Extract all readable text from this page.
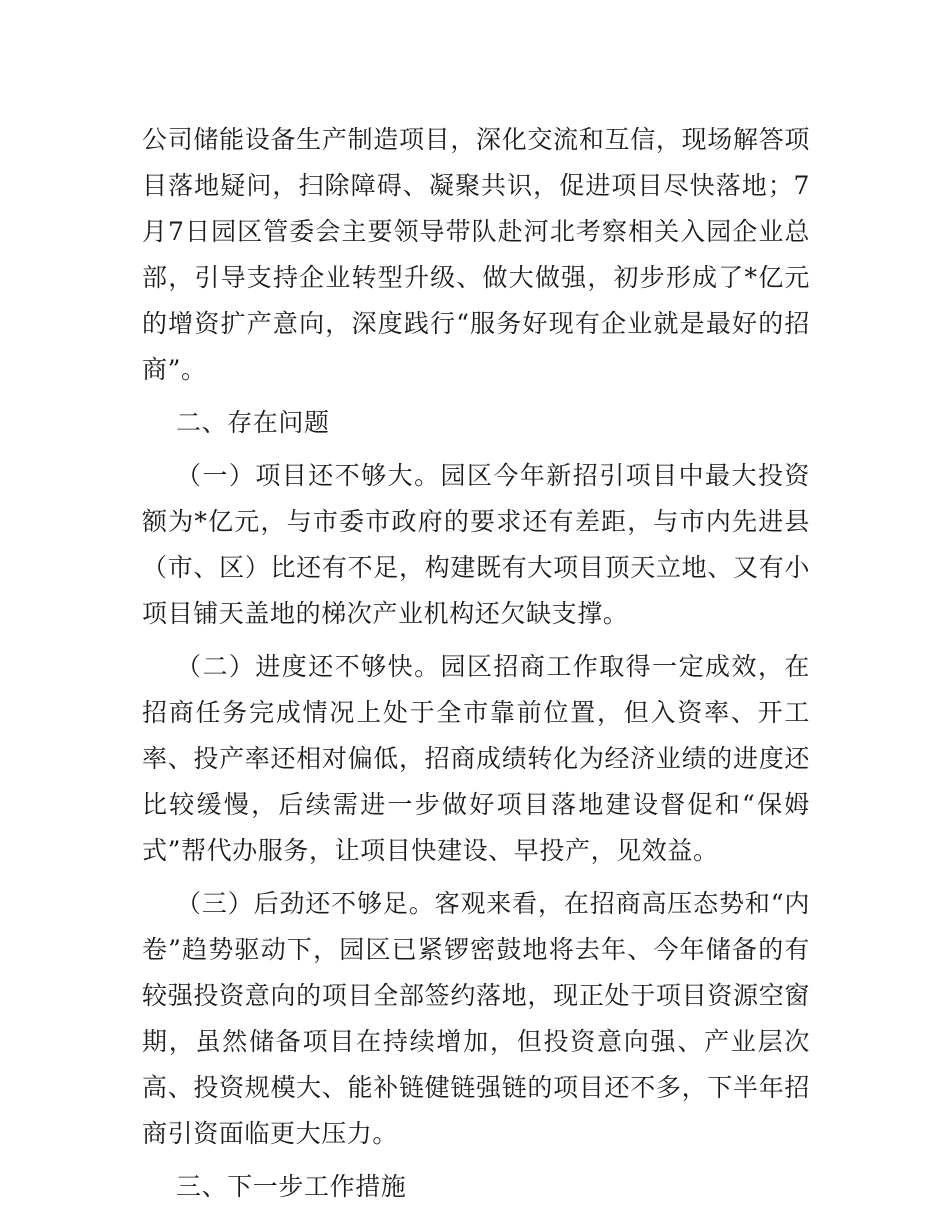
公司储能设备生产制造项目，深化交流和互信，现场解答项目落地疑问，扫除障碍、凝聚共识，促进项目尽快落地；7月7日园区管委会主要领导带队赴河北考察相关入园企业总部，引导支持企业转型升级、做大做强，初步形成了*亿元的增资扩产意向，深度践行“服务好现有企业就是最好的招商”。

二、存在问题

（一）项目还不够大。园区今年新招引项目中最大投资额为*亿元，与市委市政府的要求还有差距，与市内先进县（市、区）比还有不足，构建既有大项目顶天立地、又有小项目铺天盖地的梯次产业机构还欠缺支撑。

（二）进度还不够快。园区招商工作取得一定成效，在招商任务完成情况上处于全市靠前位置，但入资率、开工率、投产率还相对偏低，招商成绩转化为经济业绩的进度还比较缓慢，后续需进一步做好项目落地建设督促和“保姆式”帮代办服务，让项目快建设、早投产，见效益。

（三）后劲还不够足。客观来看，在招商高压态势和“内卷”趋势驱动下，园区已紧锣密鼓地将去年、今年储备的有较强投资意向的项目全部签约落地，现正处于项目资源空窗期，虽然储备项目在持续增加，但投资意向强、产业层次高、投资规模大、能补链健链强链的项目还不多，下半年招商引资面临更大压力。

三、下一步工作措施
